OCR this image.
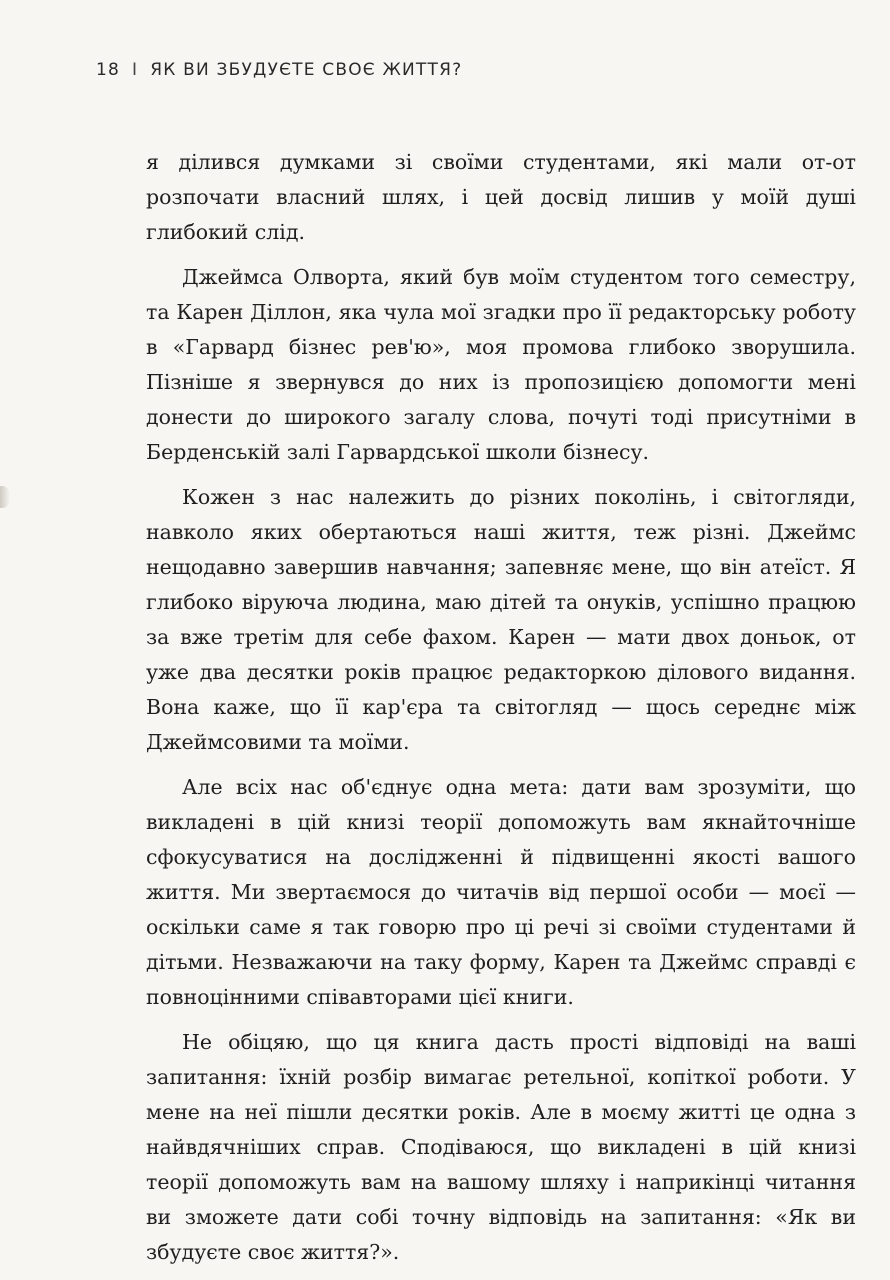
18 I ЯК ВИ ЗБУДУЄТЕ СВОЄ ЖИТТЯ?

я ділився думками зі своїми студентами, які мали от-от розпочати власний шлях, і цей досвід лишив у моїй душі глибокий слід.

Джеймса Олворта, який був моїм студентом того семестру, та Карен Діллон, яка чула мої згадки про її редакторську роботу в «Гарвард бізнес рев'ю», моя промова глибоко зворушила. Пізніше я звернувся до них із пропозицією допомогти мені донести до широкого загалу слова, почуті тоді присутніми в Берденській залі Гарвардської школи бізнесу.

Кожен з нас належить до різних поколінь, і світогляди, навколо яких обертаються наші життя, теж різні. Джеймс нещодавно завершив навчання; запевняє мене, що він атеїст. Я глибоко віруюча людина, маю дітей та онуків, успішно працюю за вже третім для себе фахом. Карен — мати двох доньок, от уже два десятки років працює редакторкою ділового видання. Вона каже, що її кар'єра та світогляд — щось середнє між Джеймсовими та моїми.

Але всіх нас об'єднує одна мета: дати вам зрозуміти, що викладені в цій книзі теорії допоможуть вам якнайточніше сфокусуватися на дослідженні й підвищенні якості вашого життя. Ми звертаємося до читачів від першої особи — моєї — оскільки саме я так говорю про ці речі зі своїми студентами й дітьми. Незважаючи на таку форму, Карен та Джеймс справді є повноцінними співавторами цієї книги.

Не обіцяю, що ця книга дасть прості відповіді на ваші запитання: їхній розбір вимагає ретельної, копіткої роботи. У мене на неї пішли десятки років. Але в моєму житті це одна з найвдячніших справ. Сподіваюся, що викладені в цій книзі теорії допоможуть вам на вашому шляху і наприкінці читання ви зможете дати собі точну відповідь на запитання: «Як ви збудуєте своє життя?».
